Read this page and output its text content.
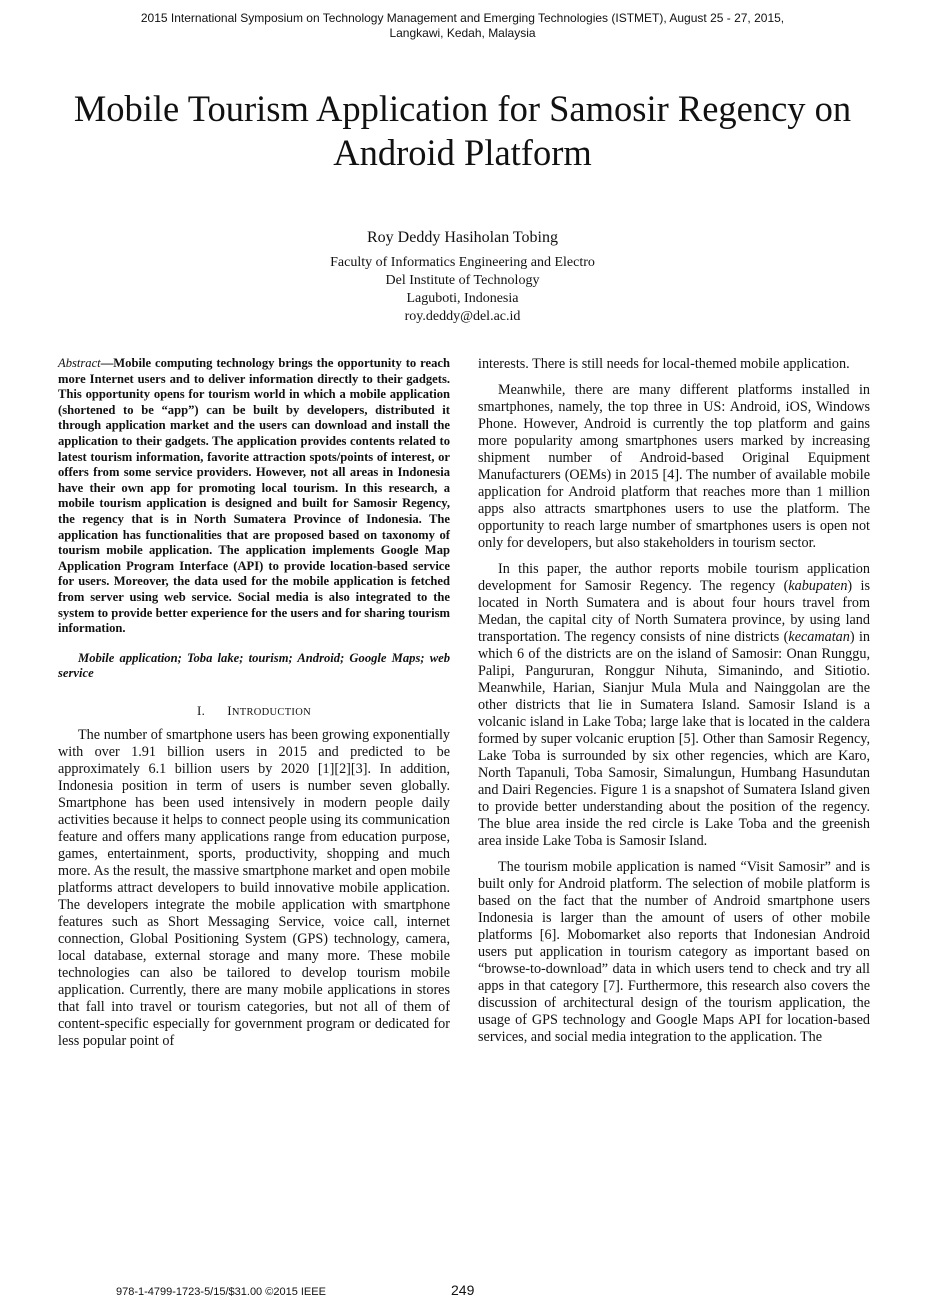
2015 International Symposium on Technology Management and Emerging Technologies (ISTMET), August 25 - 27, 2015,
Langkawi, Kedah, Malaysia
Mobile Tourism Application for Samosir Regency on
Android Platform
Roy Deddy Hasiholan Tobing
Faculty of Informatics Engineering and Electro
Del Institute of Technology
Laguboti, Indonesia
roy.deddy@del.ac.id

Abstract—Mobile computing technology brings the opportunity to reach more Internet users and to deliver information directly to their gadgets. This opportunity opens for tourism world in which a mobile application (shortened to be “app”) can be built by developers, distributed it through application market and the users can download and install the application to their gadgets. The application provides contents related to latest tourism information, favorite attraction spots/points of interest, or offers from some service providers. However, not all areas in Indonesia have their own app for promoting local tourism. In this research, a mobile tourism application is designed and built for Samosir Regency, the regency that is in North Sumatera Province of Indonesia. The application has functionalities that are proposed based on taxonomy of tourism mobile application. The application implements Google Map Application Program Interface (API) to provide location-based service for users. Moreover, the data used for the mobile application is fetched from server using web service. Social media is also integrated to the system to provide better experience for the users and for sharing tourism information.

Mobile application; Toba lake; tourism; Android; Google Maps; web service

I. INTRODUCTION

The number of smartphone users has been growing exponentially with over 1.91 billion users in 2015 and predicted to be approximately 6.1 billion users by 2020 [1][2][3]. In addition, Indonesia position in term of users is number seven globally. Smartphone has been used intensively in modern people daily activities because it helps to connect people using its communication feature and offers many applications range from education purpose, games, entertainment, sports, productivity, shopping and much more. As the result, the massive smartphone market and open mobile platforms attract developers to build innovative mobile application. The developers integrate the mobile application with smartphone features such as Short Messaging Service, voice call, internet connection, Global Positioning System (GPS) technology, camera, local database, external storage and many more. These mobile technologies can also be tailored to develop tourism mobile application. Currently, there are many mobile applications in stores that fall into travel or tourism categories, but not all of them of content-specific especially for government program or dedicated for less popular point of

interests. There is still needs for local-themed mobile application.

Meanwhile, there are many different platforms installed in smartphones, namely, the top three in US: Android, iOS, Windows Phone. However, Android is currently the top platform and gains more popularity among smartphones users marked by increasing shipment number of Android-based Original Equipment Manufacturers (OEMs) in 2015 [4]. The number of available mobile application for Android platform that reaches more than 1 million apps also attracts smartphones users to use the platform. The opportunity to reach large number of smartphones users is open not only for developers, but also stakeholders in tourism sector.

In this paper, the author reports mobile tourism application development for Samosir Regency. The regency (kabupaten) is located in North Sumatera and is about four hours travel from Medan, the capital city of North Sumatera province, by using land transportation. The regency consists of nine districts (kecamatan) in which 6 of the districts are on the island of Samosir: Onan Runggu, Palipi, Pangururan, Ronggur Nihuta, Simanindo, and Sitiotio. Meanwhile, Harian, Sianjur Mula Mula and Nainggolan are the other districts that lie in Sumatera Island. Samosir Island is a volcanic island in Lake Toba; large lake that is located in the caldera formed by super volcanic eruption [5]. Other than Samosir Regency, Lake Toba is surrounded by six other regencies, which are Karo, North Tapanuli, Toba Samosir, Simalungun, Humbang Hasundutan and Dairi Regencies. Figure 1 is a snapshot of Sumatera Island given to provide better understanding about the position of the regency. The blue area inside the red circle is Lake Toba and the greenish area inside Lake Toba is Samosir Island.

The tourism mobile application is named “Visit Samosir” and is built only for Android platform. The selection of mobile platform is based on the fact that the number of Android smartphone users Indonesia is larger than the amount of users of other mobile platforms [6]. Mobomarket also reports that Indonesian Android users put application in tourism category as important based on “browse-to-download” data in which users tend to check and try all apps in that category [7]. Furthermore, this research also covers the discussion of architectural design of the tourism application, the usage of GPS technology and Google Maps API for location-based services, and social media integration to the application. The

978-1-4799-1723-5/15/$31.00 ©2015 IEEE	249
